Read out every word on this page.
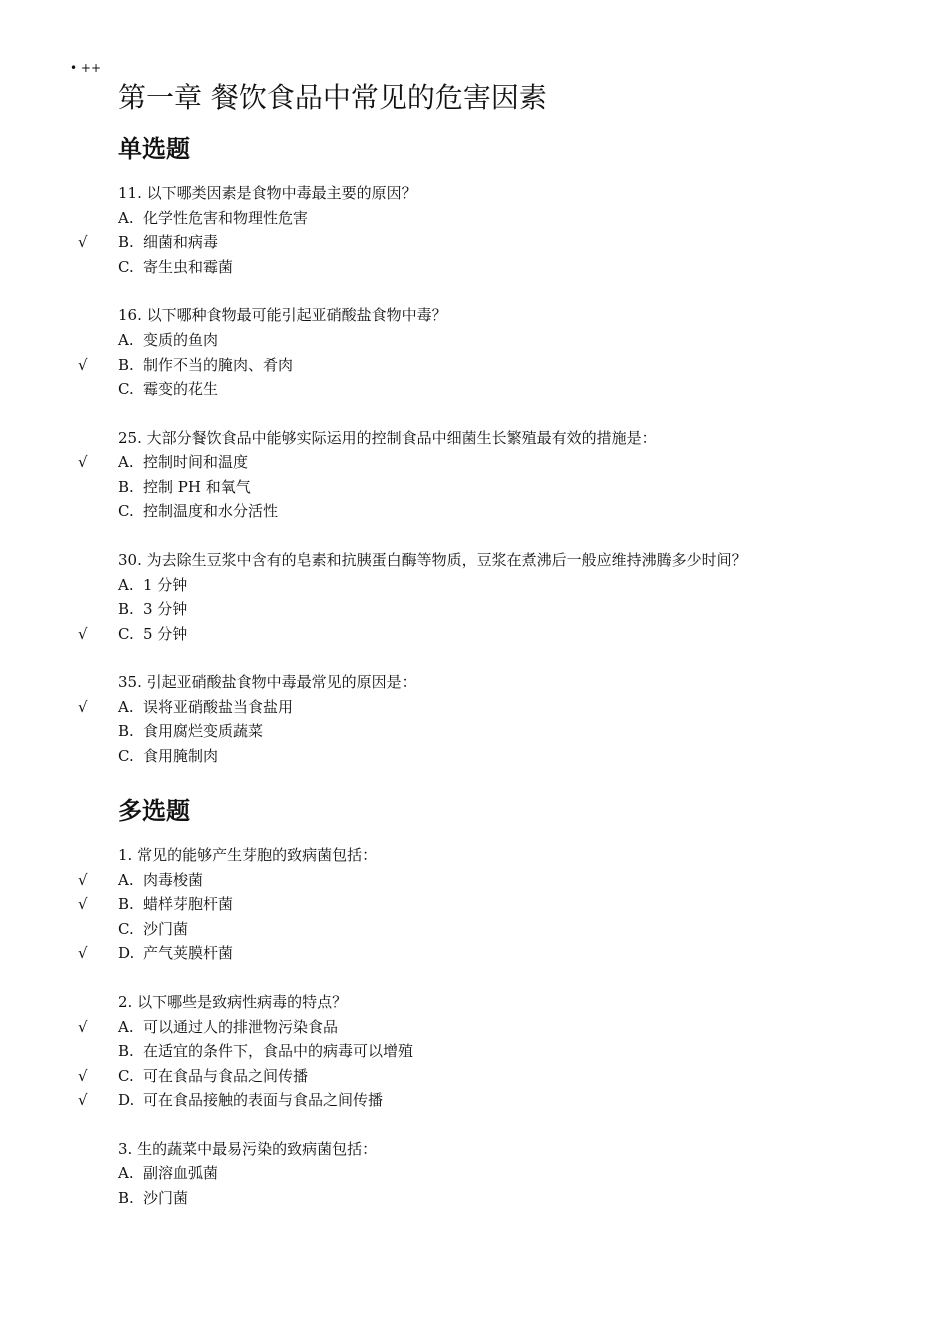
• ++
第一章 餐饮食品中常见的危害因素
单选题
11. 以下哪类因素是食物中毒最主要的原因？
A. 化学性危害和物理性危害
√ B. 细菌和病毒
C. 寄生虫和霉菌
16. 以下哪种食物最可能引起亚硝酸盐食物中毒？
A. 变质的鱼肉
√ B. 制作不当的腌肉、肴肉
C. 霉变的花生
25. 大部分餐饮食品中能够实际运用的控制食品中细菌生长繁殖最有效的措施是：
√ A. 控制时间和温度
B. 控制 PH 和氧气
C. 控制温度和水分活性
30. 为去除生豆浆中含有的皂素和抗胰蛋白酶等物质，豆浆在煮沸后一般应维持沸腾多少时间？
A. 1 分钟
B. 3 分钟
√ C. 5 分钟
35. 引起亚硝酸盐食物中毒最常见的原因是：
√ A. 误将亚硝酸盐当食盐用
B. 食用腐烂变质蔬菜
C. 食用腌制肉
多选题
1. 常见的能够产生芽胞的致病菌包括：
√ A. 肉毒梭菌
√ B. 蜡样芽胞杆菌
C. 沙门菌
√ D. 产气荚膜杆菌
2. 以下哪些是致病性病毒的特点？
√ A. 可以通过人的排泄物污染食品
B. 在适宜的条件下，食品中的病毒可以增殖
√ C. 可在食品与食品之间传播
√ D. 可在食品接触的表面与食品之间传播
3. 生的蔬菜中最易污染的致病菌包括：
A. 副溶血弧菌
B. 沙门菌
